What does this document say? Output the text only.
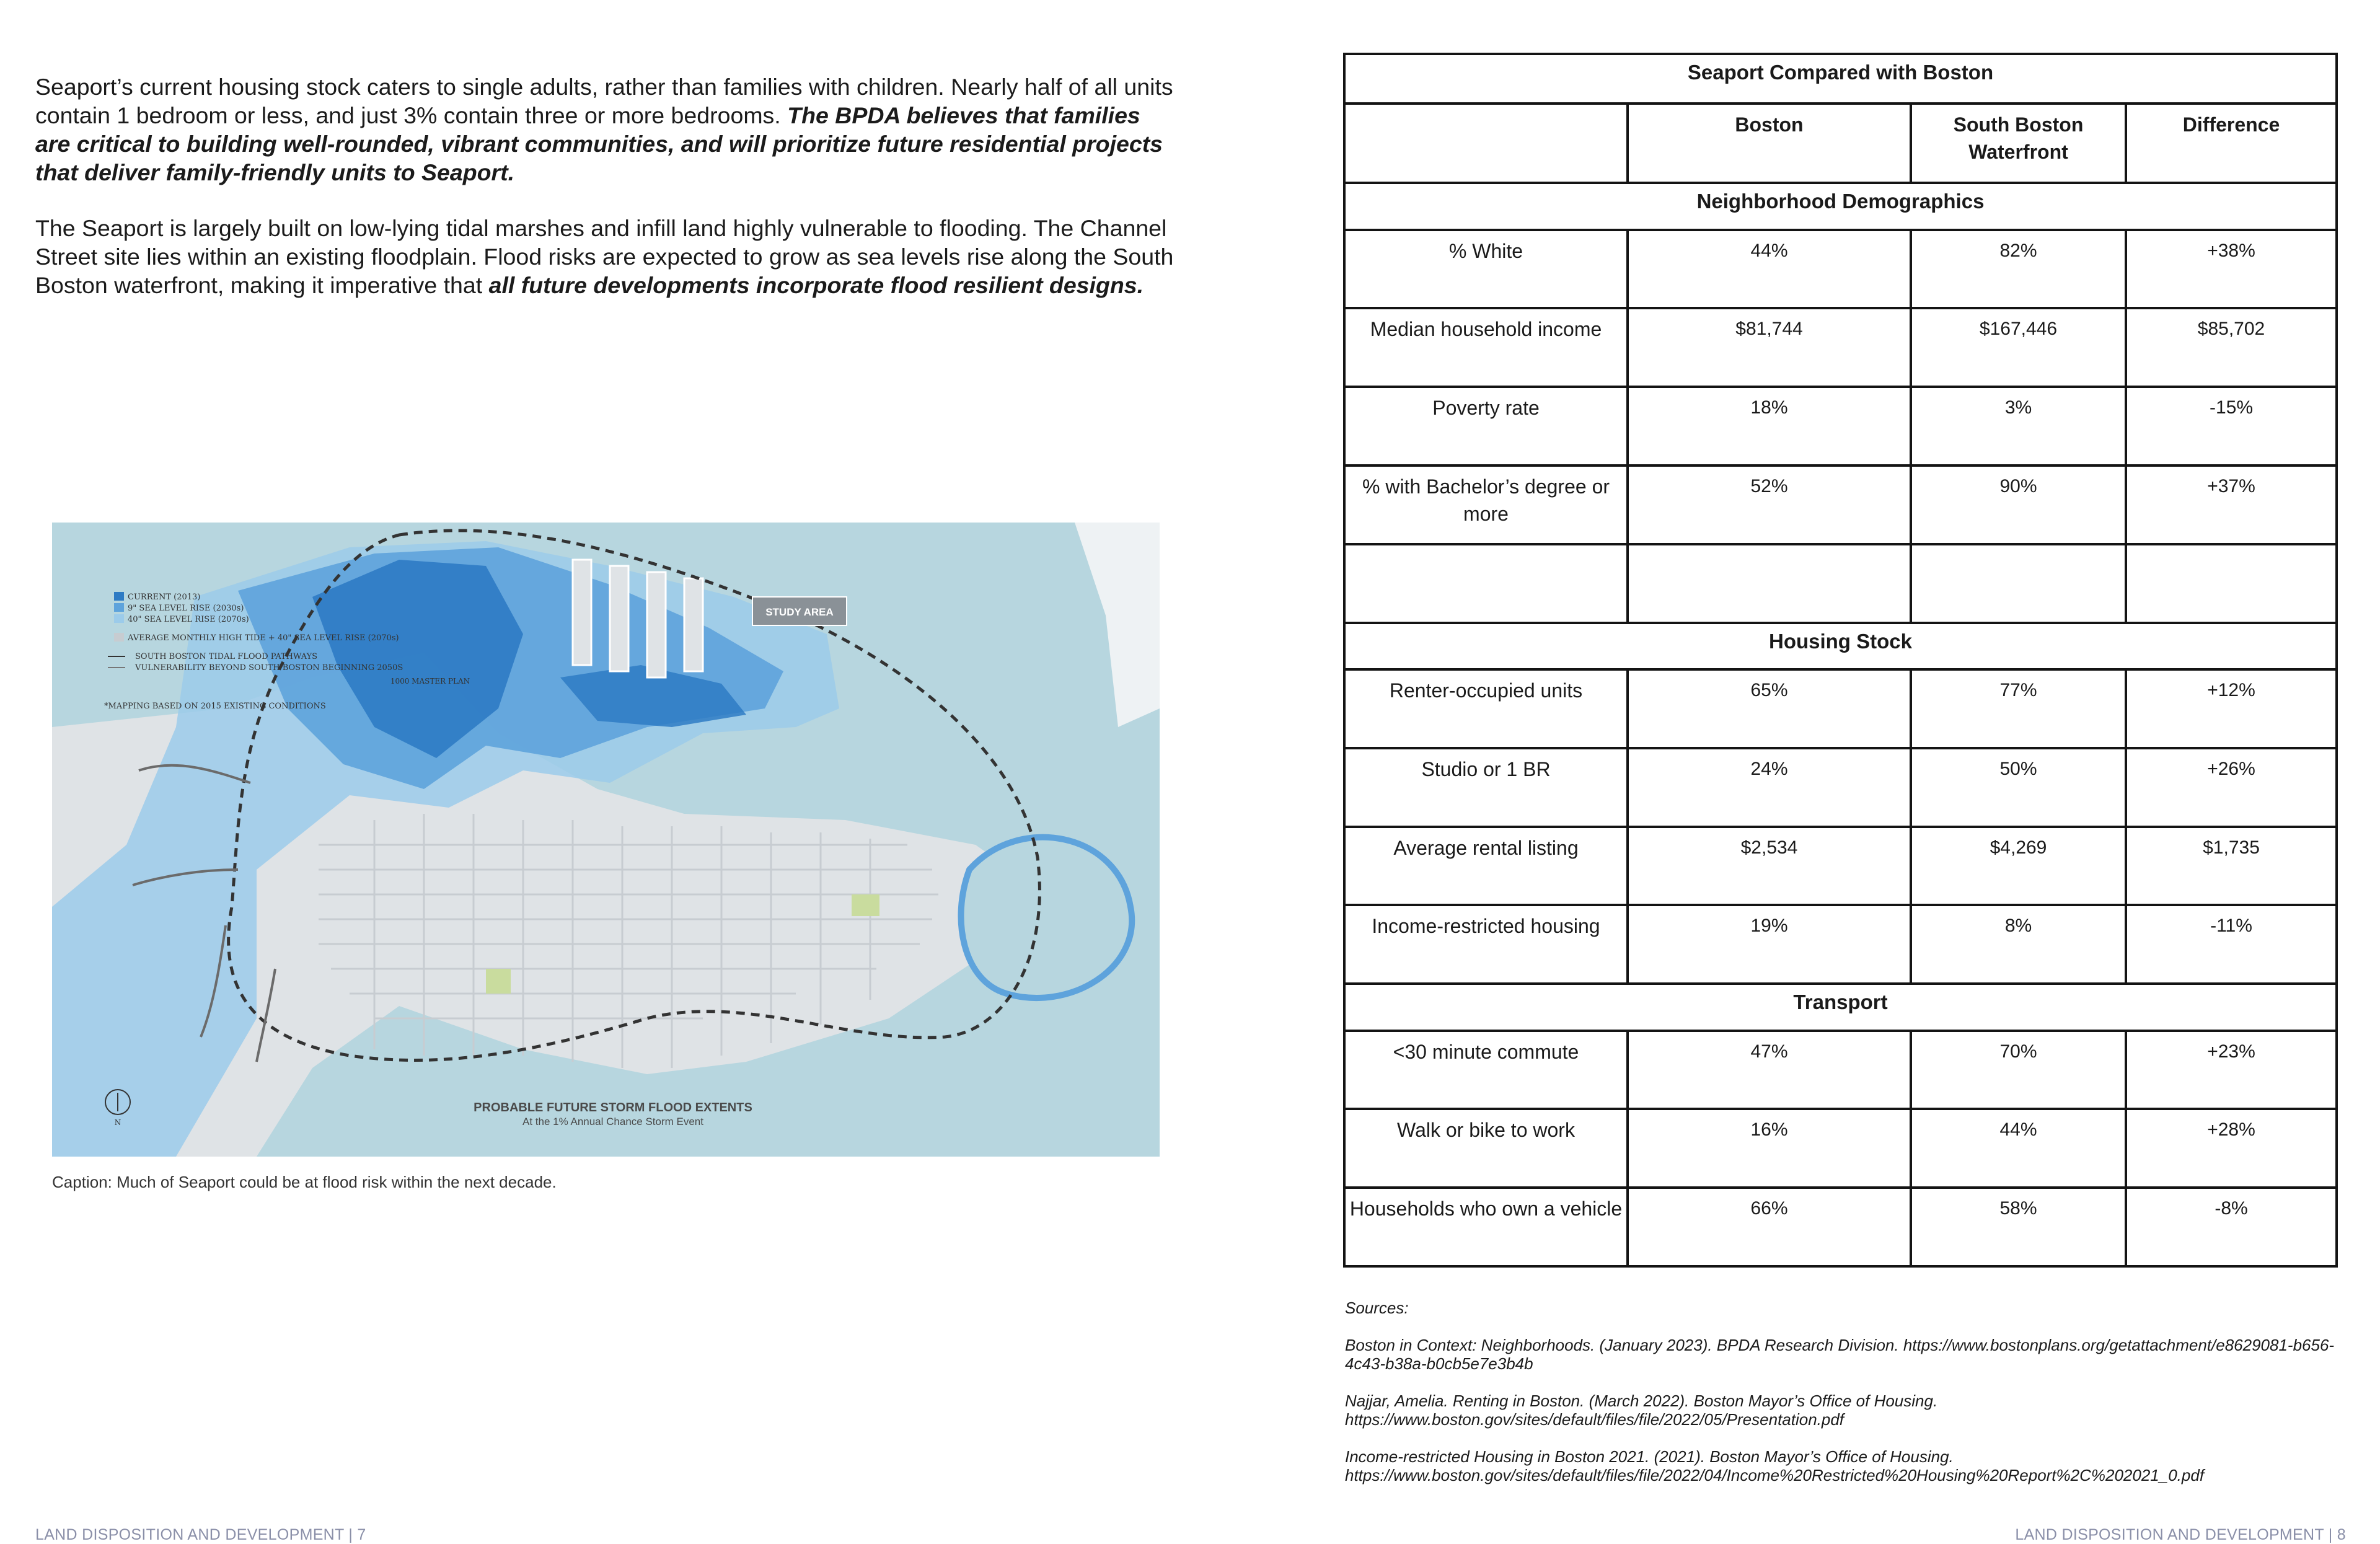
Seaport’s current housing stock caters to single adults, rather than families with children. Nearly half of all units contain 1 bedroom or less, and just 3% contain three or more bedrooms. The BPDA believes that families are critical to building well-rounded, vibrant communities, and will prioritize future residential projects that deliver family-friendly units to Seaport.

The Seaport is largely built on low-lying tidal marshes and infill land highly vulnerable to flooding. The Channel Street site lies within an existing floodplain. Flood risks are expected to grow as sea levels rise along the South Boston waterfront, making it imperative that all future developments incorporate flood resilient designs.

CURRENT (2013)
9" SEA LEVEL RISE (2030s)
40" SEA LEVEL RISE (2070s)
AVERAGE MONTHLY HIGH TIDE + 40" SEA LEVEL RISE (2070s)
SOUTH BOSTON TIDAL FLOOD PATHWAYS
VULNERABILITY BEYOND SOUTH BOSTON BEGINNING 2050S
*MAPPING BASED ON 2015 EXISTING CONDITIONS
STUDY AREA
1000 MASTER PLAN
PROBABLE FUTURE STORM FLOOD EXTENTS
At the 1% Annual Chance Storm Event
N
Caption: Much of Seaport could be at flood risk within the next decade.
LAND DISPOSITION AND DEVELOPMENT | 7
Seaport Compared with Boston			
	Boston	South Boston Waterfront	Difference
Neighborhood Demographics			
% White	44%	82%	+38%
Median household income	$81,744	$167,446	$85,702
Poverty rate	18%	3%	-15%
% with Bachelor’s degree or more	52%	90%	+37%

Housing Stock			
Renter-occupied units	65%	77%	+12%
Studio or 1 BR	24%	50%	+26%
Average rental listing	$2,534	$4,269	$1,735
Income-restricted housing	19%	8%	-11%
Transport			
<30 minute commute	47%	70%	+23%
Walk or bike to work	16%	44%	+28%
Households who own a vehicle	66%	58%	-8%

Sources:

Boston in Context: Neighborhoods. (January 2023). BPDA Research Division. https://www.bostonplans.org/getattachment/e8629081-b656-4c43-b38a-b0cb5e7e3b4b

Najjar, Amelia. Renting in Boston. (March 2022). Boston Mayor’s Office of Housing. https://www.boston.gov/sites/default/files/file/2022/05/Presentation.pdf

Income-restricted Housing in Boston 2021. (2021). Boston Mayor’s Office of Housing. https://www.boston.gov/sites/default/files/file/2022/04/Income%20Restricted%20Housing%20Report%2C%202021_0.pdf

LAND DISPOSITION AND DEVELOPMENT | 8
